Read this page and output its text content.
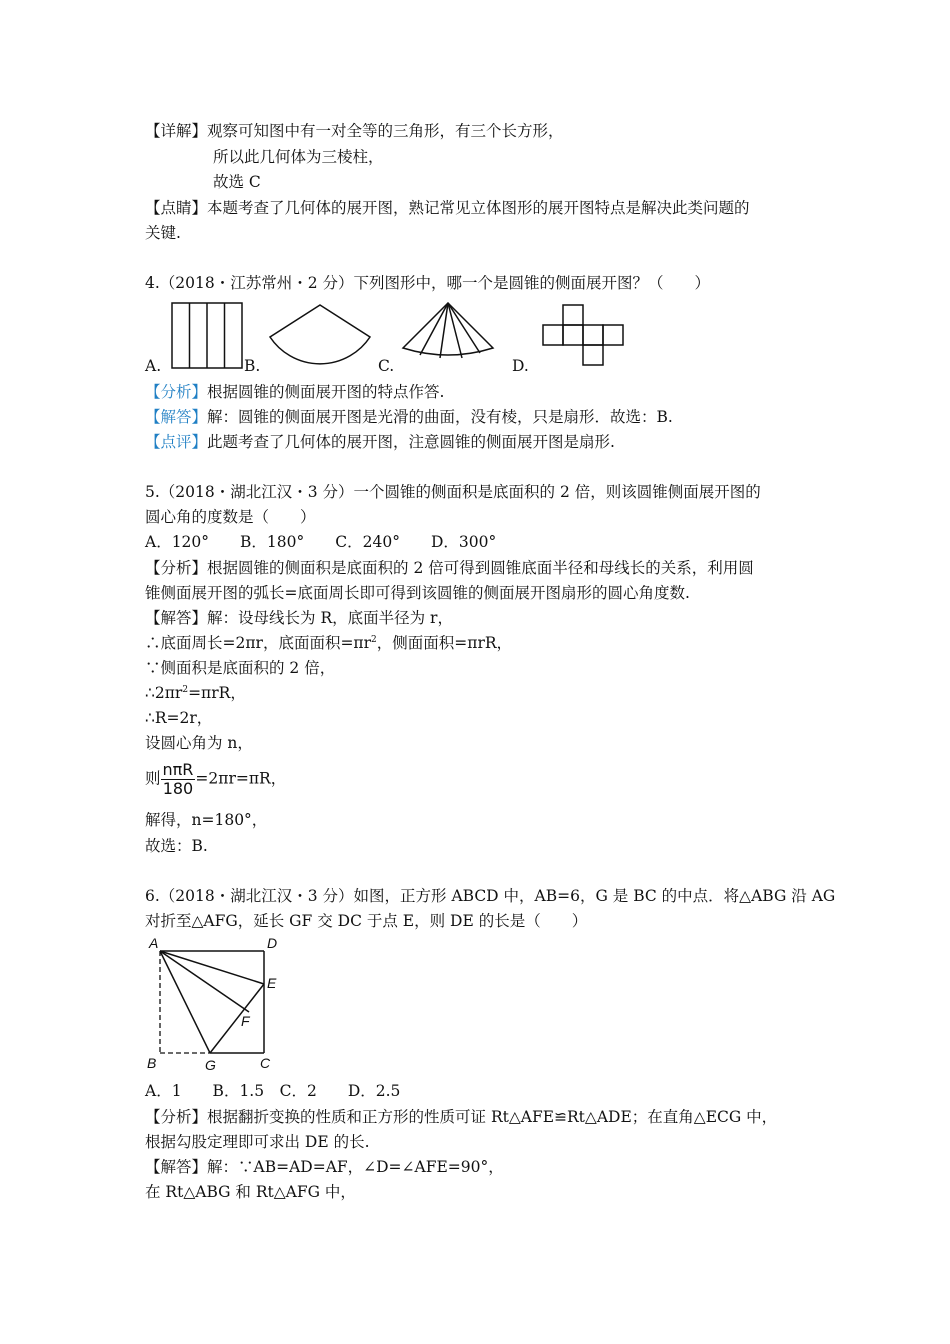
【详解】观察可知图中有一对全等的三角形，有三个长方形，
所以此几何体为三棱柱，
故选 C
【点睛】本题考查了几何体的展开图，熟记常见立体图形的展开图特点是解决此类问题的
关键.
4.（2018・江苏常州・2 分）下列图形中，哪一个是圆锥的侧面展开图？（　　）
A.	B.	C.	D.
【分析】根据圆锥的侧面展开图的特点作答.
【解答】解：圆锥的侧面展开图是光滑的曲面，没有棱，只是扇形．故选：B.
【点评】此题考查了几何体的展开图，注意圆锥的侧面展开图是扇形.
5.（2018・湖北江汉・3 分）一个圆锥的侧面积是底面积的 2 倍，则该圆锥侧面展开图的
圆心角的度数是（　　）
A．120°　　B．180°　　C．240°　　D．300°
【分析】根据圆锥的侧面积是底面积的 2 倍可得到圆锥底面半径和母线长的关系，利用圆
锥侧面展开图的弧长=底面周长即可得到该圆锥的侧面展开图扇形的圆心角度数.
【解答】解：设母线长为 R，底面半径为 r，
∴底面周长=2πr，底面面积$=\pi r^2$，侧面面积=πrR，
∵侧面积是底面积的 2 倍，
$\therefore 2\pi r^2=\pi rR$，
∴R=2r，
设圆心角为 n，
则 $\frac{\text{nπR}}{180} =2\pi r=\pi R$，
解得，n=180°，
故选：B.
6.（2018・湖北江汉・3 分）如图，正方形 ABCD 中，AB=6，G 是 BC 的中点．将△ABG 沿 AG
对折至△AFG，延长 GF 交 DC 于点 E，则 DE 的长是（　　）
A	D
E
F
B	G	C
A．1　　B．1.5　C．2　　D．2.5
【分析】根据翻折变换的性质和正方形的性质可证 Rt△AFE≌Rt△ADE；在直角△ECG 中，
根据勾股定理即可求出 DE 的长.
【解答】解：∵AB=AD=AF，∠D=∠AFE=90°，
在 Rt△ABG 和 Rt△AFG 中，
